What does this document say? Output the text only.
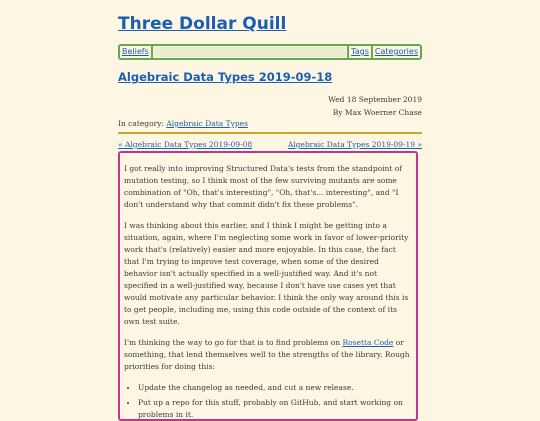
Three Dollar Quill
Beliefs	Tags Categories
Algebraic Data Types 2019-09-18
Wed 18 September 2019
By Max Woerner Chase
In category: Algebraic Data Types
« Algebraic Data Types 2019-09-08	Algebraic Data Types 2019-09-19 »

I got really into improving Structured Data's tests from the standpoint of mutation testing, so I think most of the few surviving mutants are some combination of "Oh, that's interesting", "Oh, that's... interesting", and "I don't understand why that commit didn't fix these problems".

I was thinking about this earlier, and I think I might be getting into a situation, again, where I'm neglecting some work in favor of lower-priority work that's (relatively) easier and more enjoyable. In this case, the fact that I'm trying to improve test coverage, when some of the desired behavior isn't actually specified in a well-justified way. And it's not specified in a well-justified way, because I don't have use cases yet that would motivate any particular behavior. I think the only way around this is to get people, including me, using this code outside of the context of its own test suite.

I'm thinking the way to go for that is to find problems on Rosetta Code or something, that lend themselves well to the strengths of the library. Rough priorities for doing this:

• Update the changelog as needed, and cut a new release.
• Put up a repo for this stuff, probably on GitHub, and start working on problems in it.
